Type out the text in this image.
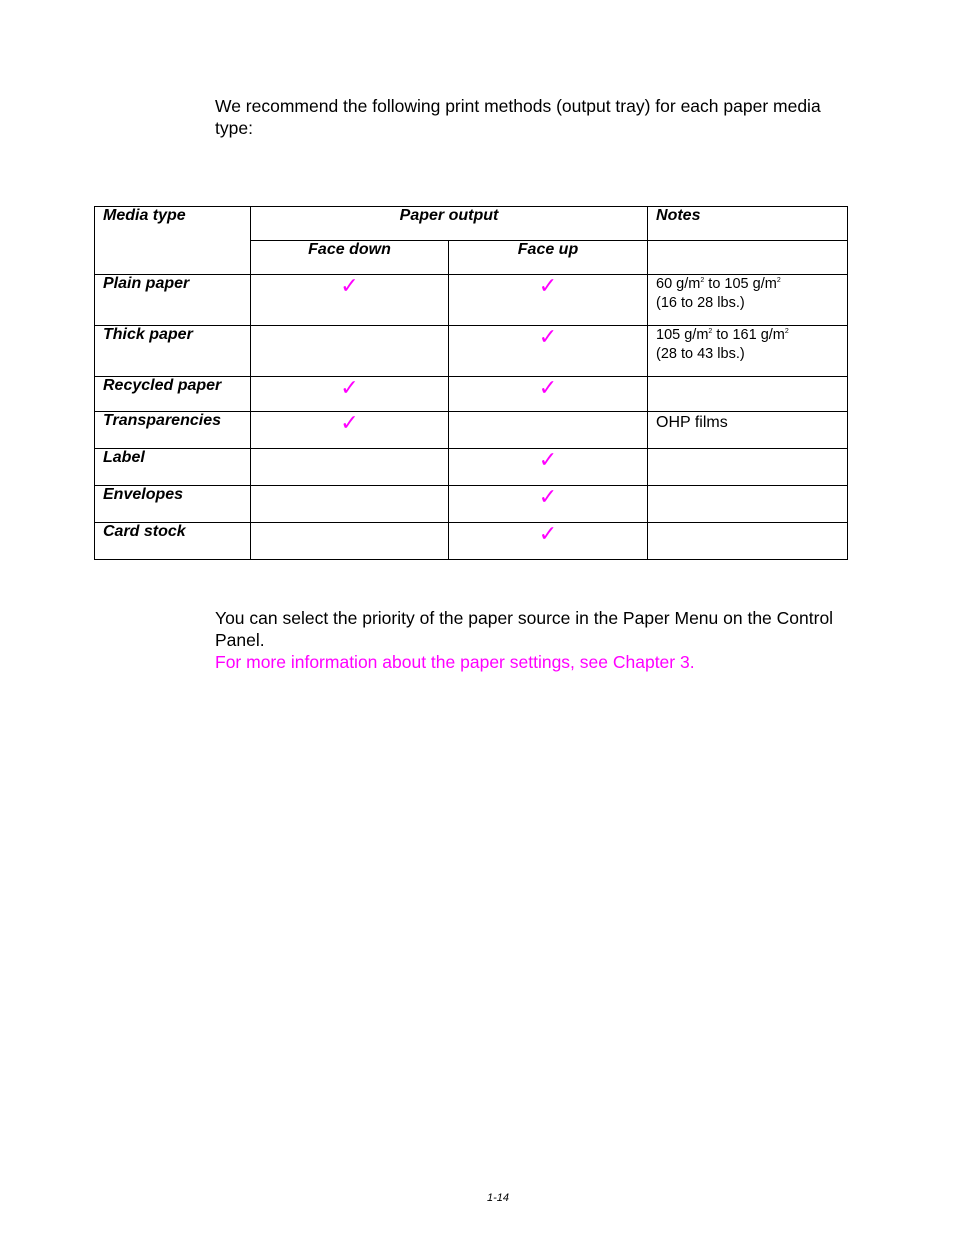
We recommend the following print methods (output tray) for each paper media type:

Media type	Paper output		Notes
	Face down	Face up	
Plain paper	✓	✓	60 $g/m^2$ to 105 $g/m^2$
(16 to 28 lbs.)
Thick paper		✓	105 $g/m^2$ to 161 $g/m^2$
(28 to 43 lbs.)
Recycled paper	✓	✓	
Transparencies	✓		OHP films
Label		✓	
Envelopes		✓	
Card stock		✓	

You can select the priority of the paper source in the Paper Menu on the Control Panel.
For more information about the paper settings, see Chapter 3.

1-14
